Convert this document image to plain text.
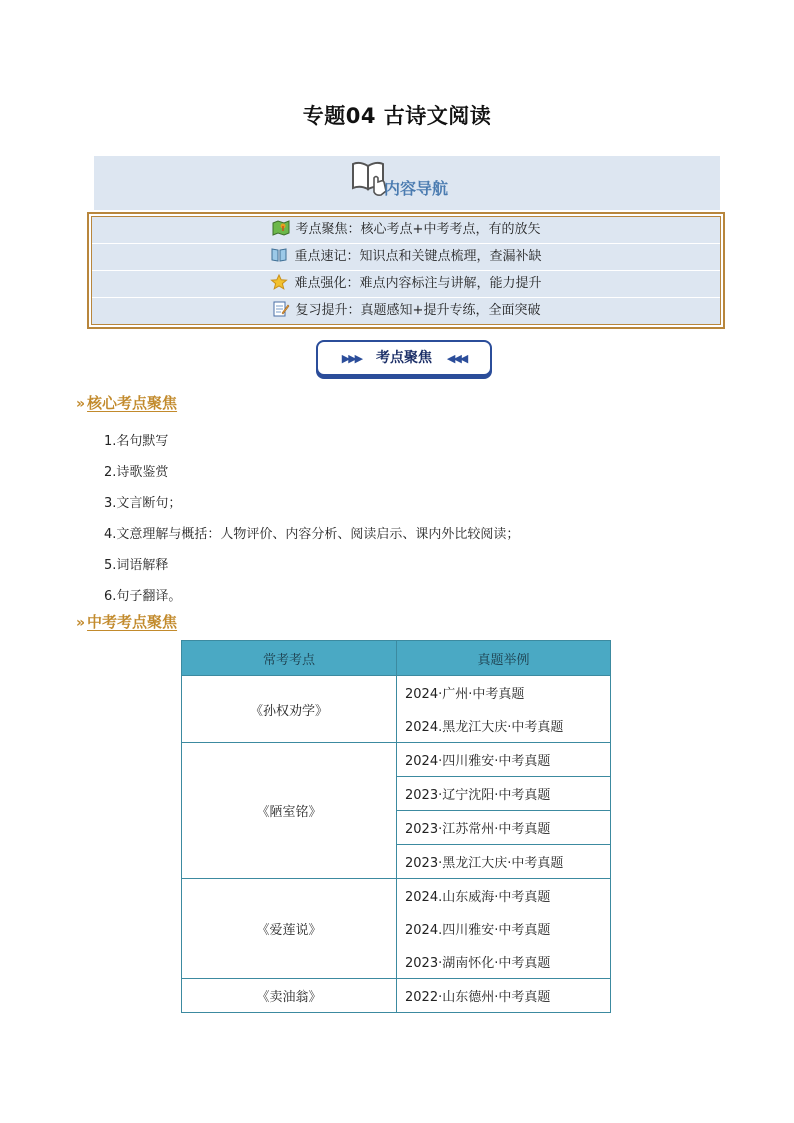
专题04 古诗文阅读
内容导航
考点聚焦：核心考点+中考考点，有的放矢
重点速记：知识点和关键点梳理，查漏补缺
难点强化：难点内容标注与讲解，能力提升
复习提升：真题感知+提升专练，全面突破
▶▶▶ 考点聚焦 ◀◀◀
» 核心考点聚焦
1.名句默写
2.诗歌鉴赏
3.文言断句；
4.文意理解与概括：人物评价、内容分析、阅读启示、课内外比较阅读；
5.词语解释
6.句子翻译。
» 中考考点聚焦
常考考点	真题举例
《孙权劝学》	2024·广州·中考真题
	2024.黑龙江大庆·中考真题
《陋室铭》	2024·四川雅安·中考真题
	2023·辽宁沈阳·中考真题
	2023·江苏常州·中考真题
	2023·黑龙江大庆·中考真题
《爱莲说》	2024.山东威海·中考真题
	2024.四川雅安·中考真题
	2023·湖南怀化·中考真题
《卖油翁》	2022·山东德州·中考真题
